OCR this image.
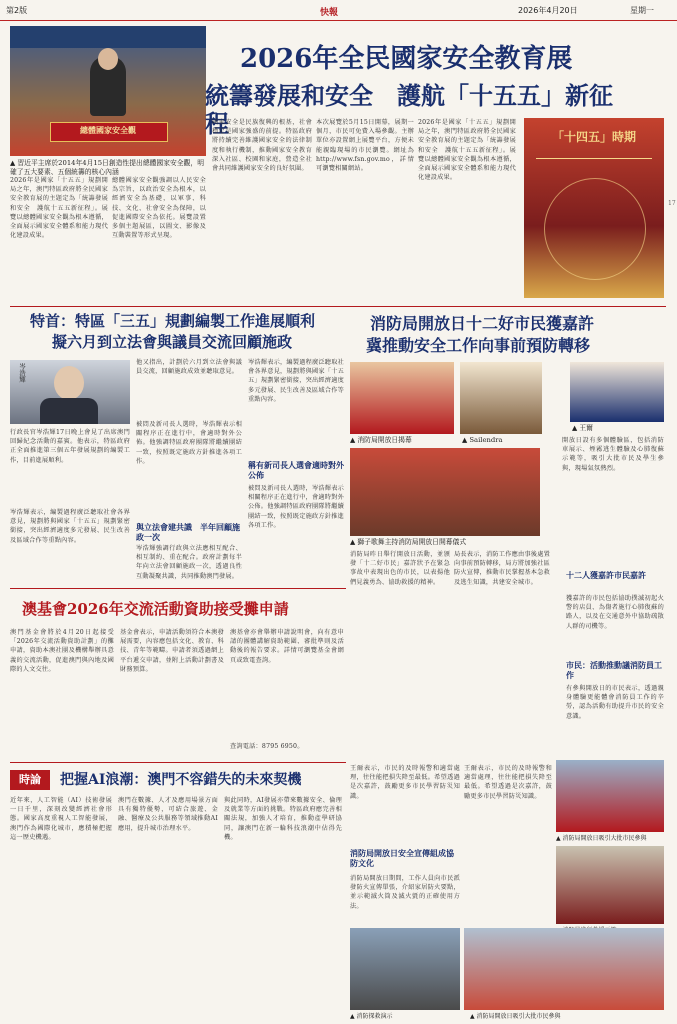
第2版	快報	2026年4月20日	星期一
總體國家安全觀
▲ 習近平主席於2014年4月15日創造性提出總體國家安全觀，明確了五大要素、五個統籌的核心內涵
2026年全民國家安全教育展
統籌發展和安全　護航「十五五」新征程
2026年是國家「十五五」規劃開局之年，澳門特區政府將全民國家安全教育展的主題定為「統籌發展和安全　護航十五五新征程」。展覽以總體國家安全觀為根本遵循，全面展示國家安全體系和能力現代化建設成果。
總體國家安全觀強調以人民安全為宗旨，以政治安全為根本，以經濟安全為基礎，以軍事、科技、文化、社會安全為保障，以促進國際安全為依托。展覽設置多個主題展區，以圖文、影像及互動裝置等形式呈現。
國家安全是民族復興的根基，社會穩定是國家強盛的前提。特區政府將持續完善維護國家安全的法律制度和執行機制，推動國家安全教育深入社區、校園和家庭，營造全社會共同維護國家安全的良好氛圍。
本次展覽於5月15日開幕，展期一個月，市民可免費入場參觀。主辦單位亦設置網上展覽平台，方便未能親臨現場的市民瀏覽。網址為 http://www.fsn.gov.mo，詳情可瀏覽相關網站。
2026年是國家「十五五」規劃開局之年，澳門特區政府將全民國家安全教育展的主題定為「統籌發展和安全　護航十五五新征程」。展覽以總體國家安全觀為根本遵循，全面展示國家安全體系和能力現代化建設成果。
「十四五」時期
特首：特區「三五」規劃編製工作進展順利
擬六月到立法會與議員交流回顧施政
岑浩輝
行政長官岑浩輝17日晚上會見了出席澳門回歸紀念活動的嘉賓。他表示，特區政府正全面推進第三個五年發展規劃的編製工作，目前進展順利。
岑浩輝表示，編製過程廣泛聽取社會各界意見，規劃將與國家「十五五」規劃緊密銜接，突出經濟適度多元發展、民生改善及區域合作等重點內容。
他又指出，計劃於六月到立法會與議員交流，回顧施政成效並聽取意見。
被問及新司長人選時，岑浩輝表示相關程序正在進行中，會適時對外公佈。他強調特區政府團隊將繼續團結一致，按照既定施政方針推進各項工作。
與立法會建共識　半年回顧施政一次
岑浩輝強調行政與立法應相互配合、相互制約、重在配合。政府計劃每半年向立法會回顧施政一次，透過良性互動凝聚共識，共同推動澳門發展。
岑浩輝表示，編製過程廣泛聽取社會各界意見，規劃將與國家「十五五」規劃緊密銜接，突出經濟適度多元發展、民生改善及區域合作等重點內容。
稱有新司長人選會適時對外公佈
被問及新司長人選時，岑浩輝表示相關程序正在進行中，會適時對外公佈。他強調特區政府團隊將繼續團結一致，按照既定施政方針推進各項工作。
澳基會2026年交流活動資助接受攤申請
澳門基金會將於4月20日起接受「2026年交流活動資助計劃」的攤申請，資助本澳社團及機構舉辦具意義的交流活動，促進澳門與內地及國際的人文交往。
基金會表示，申請活動須符合本澳發展需要，內容應包括文化、教育、科技、青年等範疇。申請者須透過網上平台遞交申請，並附上活動計劃書及財務預算。
澳基會亦會舉辦申請說明會，向有意申請的團體講解資助範圍、審批準則及活動後的報告要求。詳情可瀏覽基金會網頁或致電查詢。
查詢電話：8795 6950。
時論	把握AI浪潮：澳門不容錯失的未來契機
近年來，人工智能（AI）技術發展一日千里，深刻改變經濟社會形態。國家高度重視人工智能發展，澳門作為國際化城市，應積極把握這一歷史機遇。
澳門在數據、人才及應用場景方面具有獨特優勢，可結合旅遊、金融、醫療及公共服務等領域推動AI應用，提升城市治理水平。
與此同時，AI發展亦帶來數據安全、倫理及就業等方面的挑戰。特區政府應完善相關法規，加強人才培育，推動產學研協同，讓澳門在新一輪科技浪潮中佔得先機。
消防局開放日十二好市民獲嘉許
冀推動安全工作向事前預防轉移
▲ 消防局開放日揭幕
▲ 獅子歌舞主持消防局開放日開幕儀式
▲ Sailendra
▲ 王爾
消防局昨日舉行開放日活動，並頒發「十二好市民」嘉許狀予在緊急事故中表現出色的市民，以表揚他們見義勇為、協助救援的精神。
局長表示，消防工作應由事後處置向事前預防轉移，局方將加強社區防火宣傳，推動市民掌握基本急救及逃生知識，共建安全城市。
開放日設有多個體驗區，包括消防車展示、煙霧逃生體驗及心肺復蘇示範等，吸引大批市民及學生參與，現場氣氛熱烈。
十二人獲嘉許市民嘉許
獲嘉許的市民包括協助撲滅初起火警的店員、為傷者施行心肺復蘇的路人，以及在交通意外中協助疏散人群的司機等。
市民：活動推動議消防員工作
有參與開放日的市民表示，透過親身體驗更能體會消防員工作的辛勞，認為活動有助提升市民的安全意識。
王爾表示，市民的及時報警和適當處理，往往能把損失降至最低。希望透過是次嘉許，鼓勵更多市民學習防災知識。
消防局開放日安全宣傳組成協防文化
消防局開放日期間，工作人員向市民派發防火宣傳單張，介紹家居防火要點，並示範滅火筒及滅火氈的正確使用方法。
▲ 消防探救演示
王爾表示，市民的及時報警和適當處理，往往能把損失降至最低。希望透過是次嘉許，鼓勵更多市民學習防災知識。
▲ 消防局開放日吸引大批市民參與
▲ 消防局開放日吸引大批市民參與
17
